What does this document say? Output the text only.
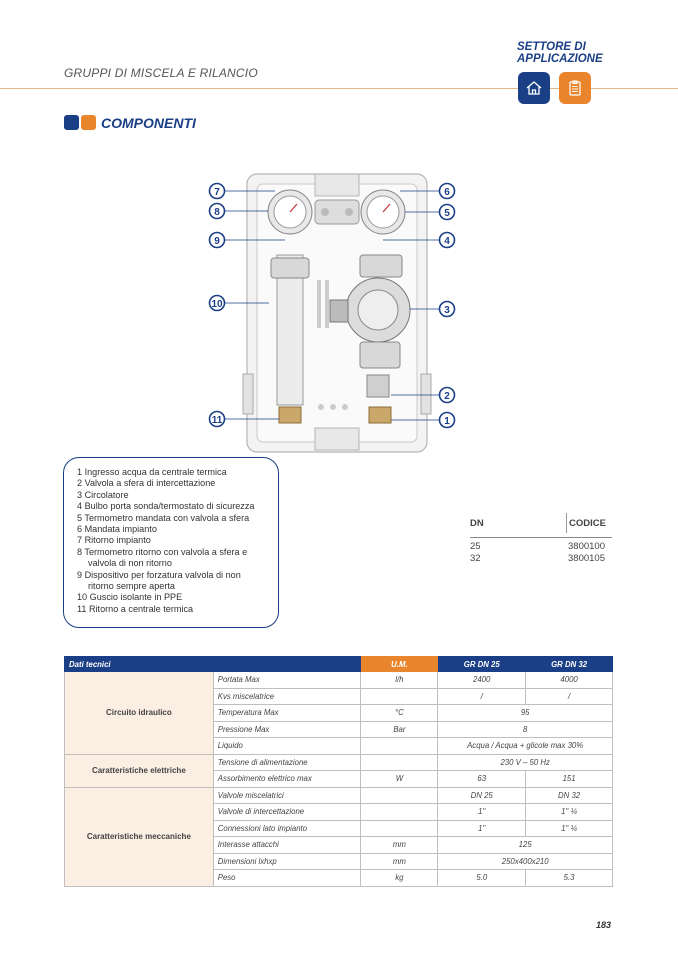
GRUPPI DI MISCELA E RILANCIO
SETTORE DI
APPLICAZIONE
COMPONENTI
7
8
9
10
11
6
5
4
3
2
1
1 Ingresso acqua da centrale termica
2 Valvola a sfera di intercettazione
3 Circolatore
4 Bulbo porta sonda/termostato di sicurezza
5 Termometro mandata con valvola a sfera
6 Mandata impianto
7 Ritorno impianto
8 Termometro ritorno con valvola a sfera e
valvola di non ritorno
9 Dispositivo per forzatura valvola di non
ritorno sempre aperta
10 Guscio isolante in PPE
11 Ritorno a centrale termica
DN	CODICE
25	3800100
32	3800105
Dati tecnici		U.M.	GR DN 25	GR DN 32
Circuito idraulico	Portata Max	l/h	2400	4000
	Kvs miscelatrice		/	/
	Temperatura Max	°C	95	
	Pressione Max	Bar	8	
	Liquido		Acqua / Acqua + glicole max 30%	
Caratteristiche elettriche	Tensione di alimentazione		230 V – 50 Hz	
	Assorbimento elettrico max	W	63	151
Caratteristiche meccaniche	Valvole miscelatrici		DN 25	DN 32
	Valvole di intercettazione		1"	1" ¼
	Connessioni lato impianto		1"	1" ¼
	Interasse attacchi	mm	125	
	Dimensioni lxhxp	mm	250x400x210	
	Peso	kg	5.0	5.3
183
